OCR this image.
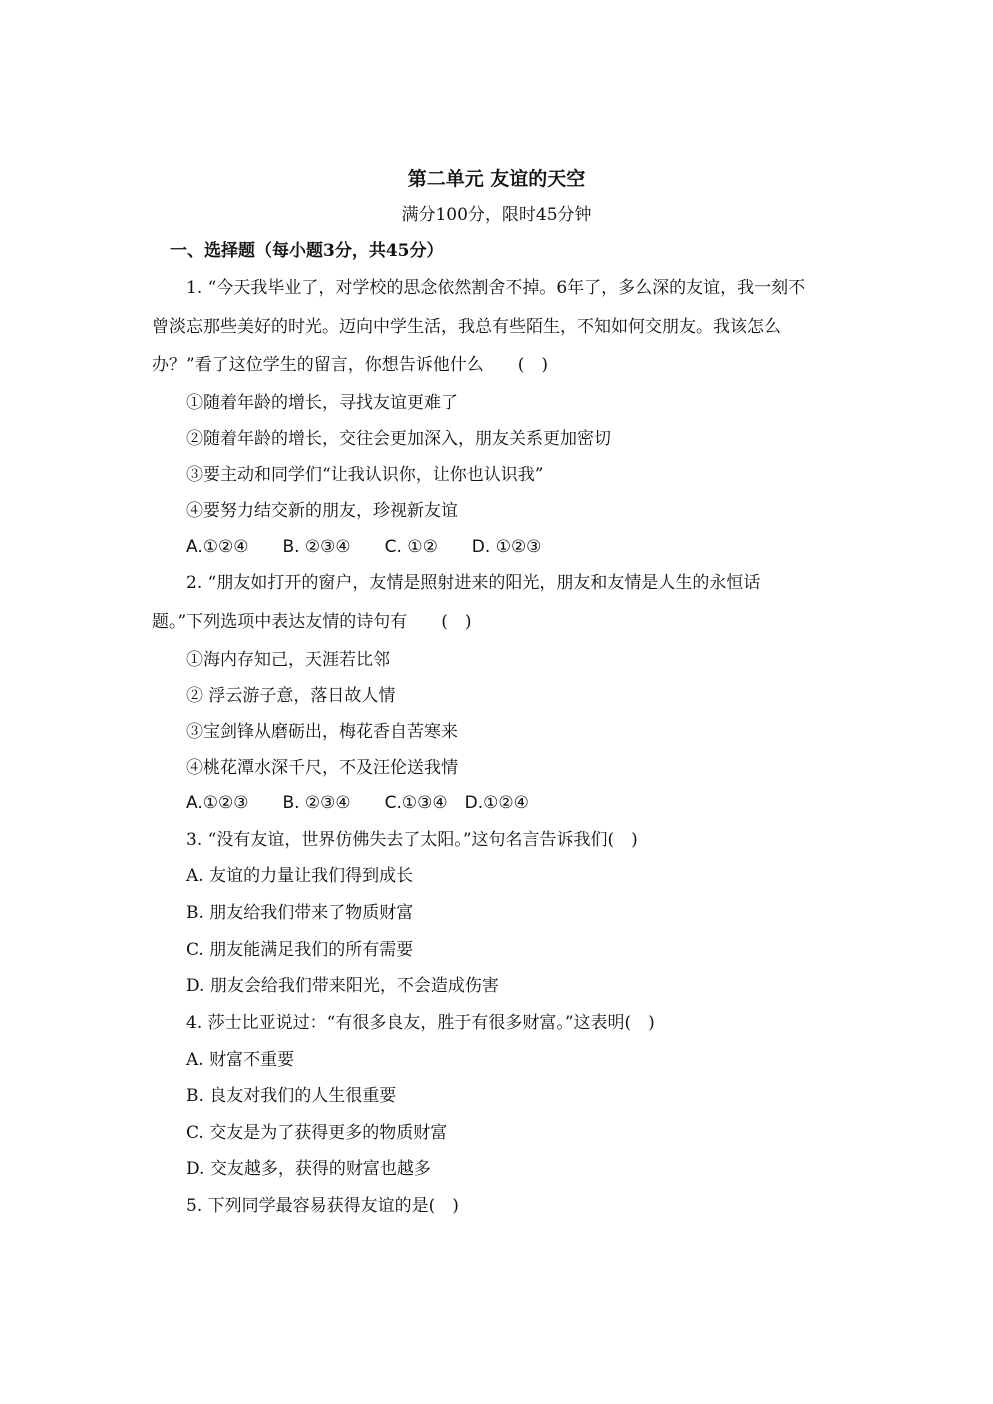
第二单元 友谊的天空
满分100分，限时45分钟
一、选择题（每小题3分，共45分）
1. “今天我毕业了，对学校的思念依然割舍不掉。6年了，多么深的友谊，我一刻不
曾淡忘那些美好的时光。迈向中学生活，我总有些陌生，不知如何交朋友。我该怎么
办？”看了这位学生的留言，你想告诉他什么　　(　)
①随着年龄的增长，寻找友谊更难了
②随着年龄的增长，交往会更加深入，朋友关系更加密切
③要主动和同学们“让我认识你，让你也认识我”
④要努力结交新的朋友，珍视新友谊
A.①②④　　B. ②③④　　C. ①②　　D. ①②③
2. “朋友如打开的窗户，友情是照射进来的阳光，朋友和友情是人生的永恒话
题。”下列选项中表达友情的诗句有　　(　)
①海内存知己，天涯若比邻
② 浮云游子意，落日故人情
③宝剑锋从磨砺出，梅花香自苦寒来
④桃花潭水深千尺，不及汪伦送我情
A.①②③　　B. ②③④　　C.①③④　D.①②④
3. “没有友谊，世界仿佛失去了太阳。”这句名言告诉我们(　)
A. 友谊的力量让我们得到成长
B. 朋友给我们带来了物质财富
C. 朋友能满足我们的所有需要
D. 朋友会给我们带来阳光，不会造成伤害
4. 莎士比亚说过：“有很多良友，胜于有很多财富。”这表明(　)
A. 财富不重要
B. 良友对我们的人生很重要
C. 交友是为了获得更多的物质财富
D. 交友越多，获得的财富也越多
5. 下列同学最容易获得友谊的是(　)
